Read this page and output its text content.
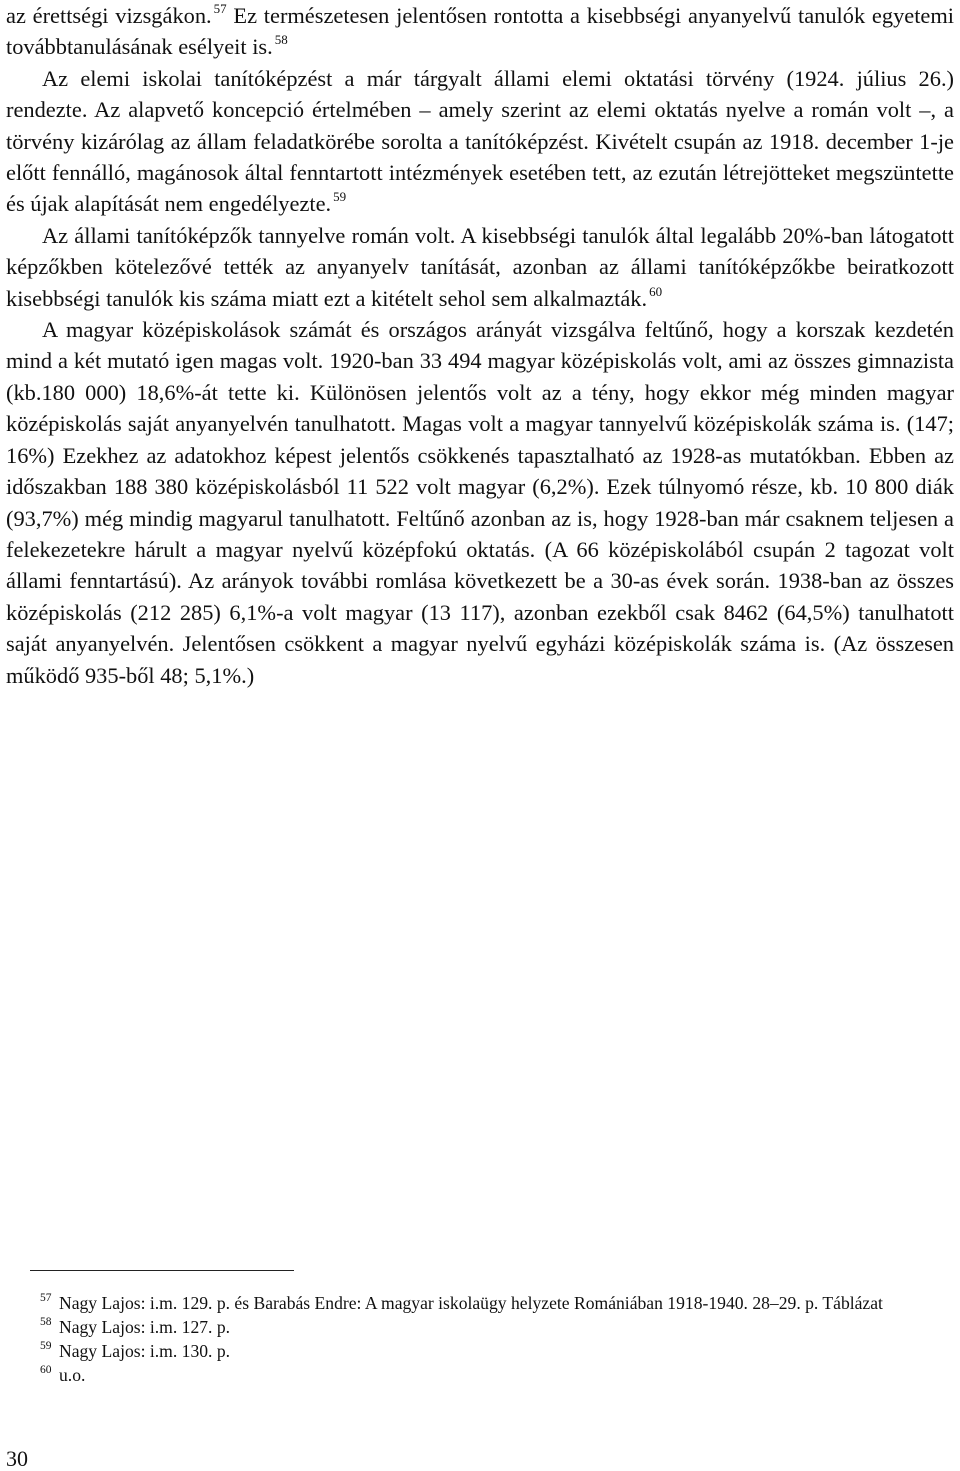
az érettségi vizsgákon. $^{57}$ Ez természetesen jelentősen rontotta a kisebbségi anyanyelvű tanulók egyetemi továbbtanulásának esélyeit is. $^{58}$

Az elemi iskolai tanítóképzést a már tárgyalt állami elemi oktatási törvény (1924. július 26.) rendezte. Az alapvető koncepció értelmében – amely szerint az elemi oktatás nyelve a román volt –, a törvény kizárólag az állam feladatkörébe sorolta a tanítóképzést. Kivételt csupán az 1918. december 1-je előtt fennálló, magánosok által fenntartott intézmények esetében tett, az ezután létrejötteket megszüntette és újak alapítását nem engedélyezte. $^{59}$

Az állami tanítóképzők tannyelve román volt. A kisebbségi tanulók által legalább 20%-ban látogatott képzőkben kötelezővé tették az anyanyelv tanítását, azonban az állami tanítóképzőkbe beiratkozott kisebbségi tanulók kis száma miatt ezt a kitételt sehol sem alkalmazták. $^{60}$

A magyar középiskolások számát és országos arányát vizsgálva feltűnő, hogy a korszak kezdetén mind a két mutató igen magas volt. 1920-ban 33 494 magyar középiskolás volt, ami az összes gimnazista (kb.180 000) 18,6%-át tette ki. Különösen jelentős volt az a tény, hogy ekkor még minden magyar középiskolás saját anyanyelvén tanulhatott. Magas volt a magyar tannyelvű középiskolák száma is. (147; 16%) Ezekhez az adatokhoz képest jelentős csökkenés tapasztalható az 1928-as mutatókban. Ebben az időszakban 188 380 középiskolásból 11 522 volt magyar (6,2%). Ezek túlnyomó része, kb. 10 800 diák (93,7%) még mindig magyarul tanulhatott. Feltűnő azonban az is, hogy 1928-ban már csaknem teljesen a felekezetekre hárult a magyar nyelvű középfokú oktatás. (A 66 középiskolából csupán 2 tagozat volt állami fenntartású). Az arányok további romlása következett be a 30-as évek során. 1938-ban az összes középiskolás (212 285) 6,1%-a volt magyar (13 117), azonban ezekből csak 8462 (64,5%) tanulhatott saját anyanyelvén. Jelentősen csökkent a magyar nyelvű egyházi középiskolák száma is. (Az összesen működő 935-ből 48; 5,1%.)

57 Nagy Lajos: i.m. 129. p. és Barabás Endre: A magyar iskolaügy helyzete Romániában 1918-1940. 28–29. p. Táblázat

58 Nagy Lajos: i.m. 127. p.

59 Nagy Lajos: i.m. 130. p.

60 u.o.

30
